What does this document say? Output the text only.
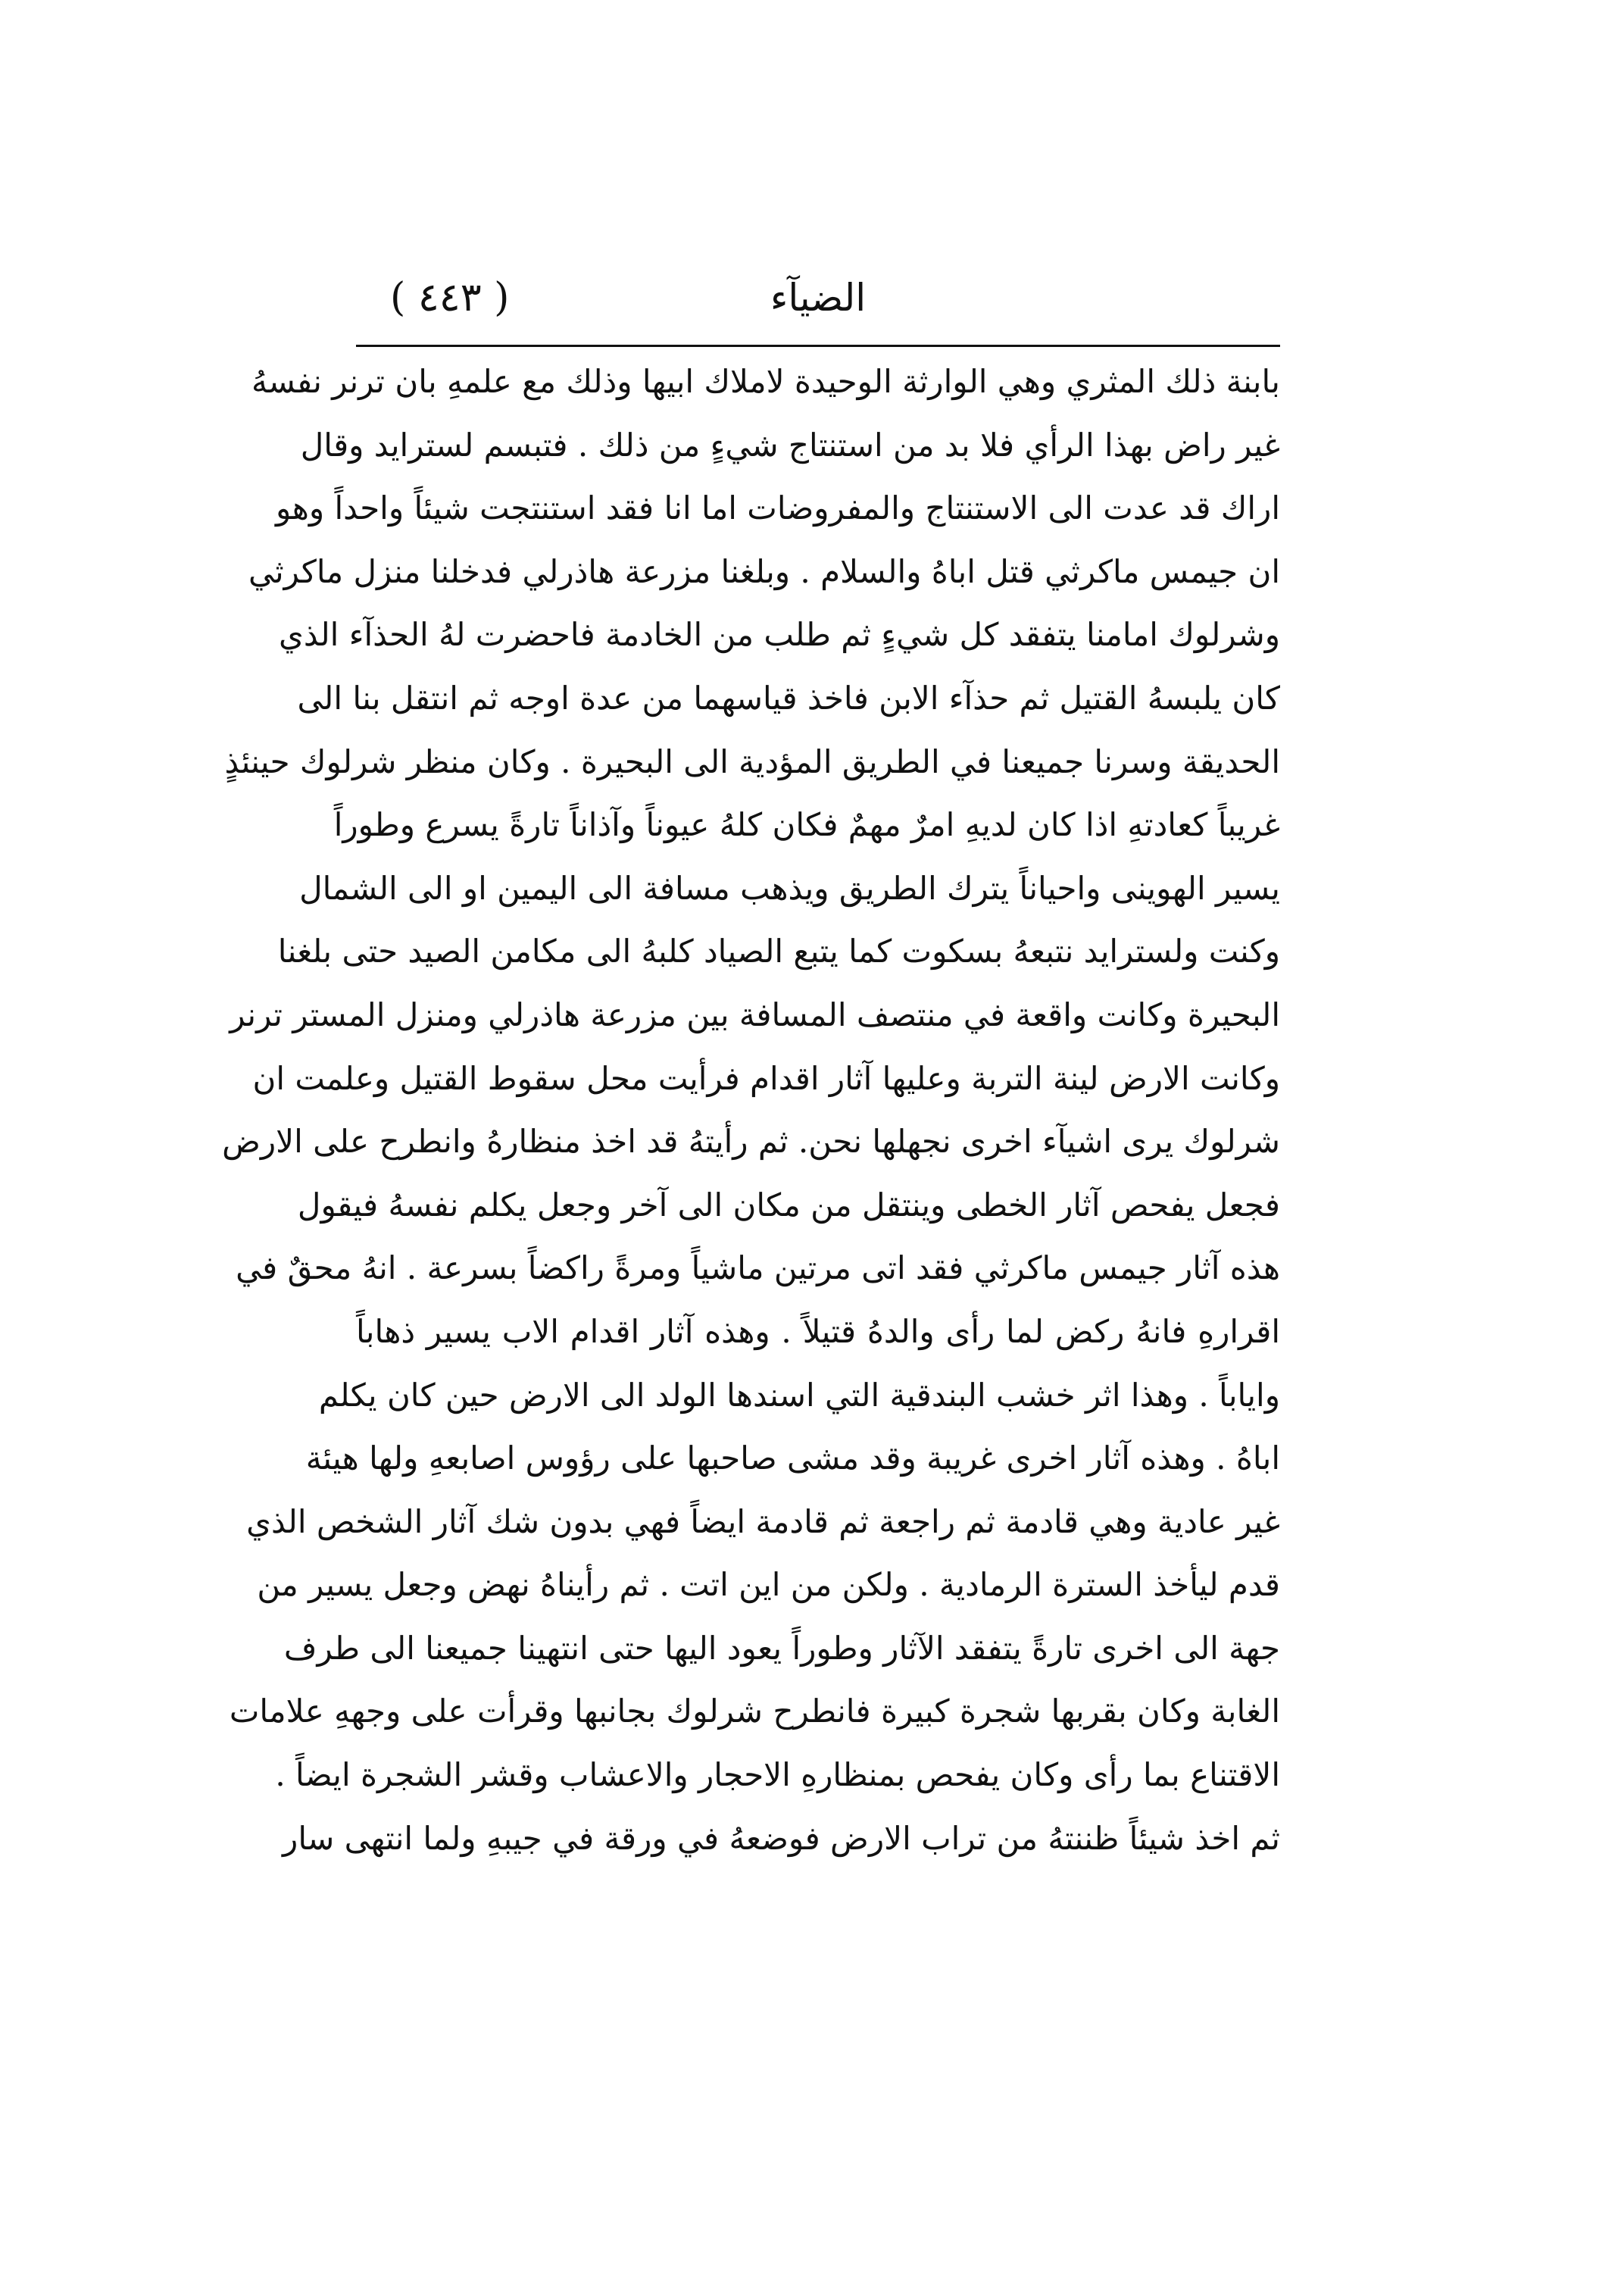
الضيآء
( ٤٤٣ )
بابنة ذلك المثري وهي الوارثة الوحيدة لاملاك ابيها وذلك مع علمهِ بان ترنر نفسهُ
غير راض بهذا الرأي فلا بد من استنتاج شيءٍ من ذلك . فتبسم لسترايد وقال
اراك قد عدت الى الاستنتاج والمفروضات اما انا فقد استنتجت شيئاً واحداً وهو
ان جيمس ماكرثي قتل اباهُ والسلام . وبلغنا مزرعة هاذرلي فدخلنا منزل ماكرثي
وشرلوك امامنا يتفقد كل شيءٍ ثم طلب من الخادمة فاحضرت لهُ الحذآء الذي
كان يلبسهُ القتيل ثم حذآء الابن فاخذ قياسهما من عدة اوجه ثم انتقل بنا الى
الحديقة وسرنا جميعنا في الطريق المؤدية الى البحيرة . وكان منظر شرلوك حينئذٍ
غريباً كعادتهِ اذا كان لديهِ امرٌ مهمٌ فكان كلهُ عيوناً وآذاناً تارةً يسرع وطوراً
يسير الهوينى واحياناً يترك الطريق ويذهب مسافة الى اليمين او الى الشمال
وكنت ولسترايد نتبعهُ بسكوت كما يتبع الصياد كلبهُ الى مكامن الصيد حتى بلغنا
البحيرة وكانت واقعة في منتصف المسافة بين مزرعة هاذرلي ومنزل المستر ترنر
وكانت الارض لينة التربة وعليها آثار اقدام فرأيت محل سقوط القتيل وعلمت ان
شرلوك يرى اشيآء اخرى نجهلها نحن. ثم رأيتهُ قد اخذ منظارهُ وانطرح على الارض
فجعل يفحص آثار الخطى وينتقل من مكان الى آخر وجعل يكلم نفسهُ فيقول
هذه آثار جيمس ماكرثي فقد اتى مرتين ماشياً ومرةً راكضاً بسرعة . انهُ محقٌ في
اقرارهِ فانهُ ركض لما رأى والدهُ قتيلاً . وهذه آثار اقدام الاب يسير ذهاباً
واياباً . وهذا اثر خشب البندقية التي اسندها الولد الى الارض حين كان يكلم
اباهُ . وهذه آثار اخرى غريبة وقد مشى صاحبها على رؤوس اصابعهِ ولها هيئة
غير عادية وهي قادمة ثم راجعة ثم قادمة ايضاً فهي بدون شك آثار الشخص الذي
قدم ليأخذ السترة الرمادية . ولكن من اين اتت . ثم رأيناهُ نهض وجعل يسير من
جهة الى اخرى تارةً يتفقد الآثار وطوراً يعود اليها حتى انتهينا جميعنا الى طرف
الغابة وكان بقربها شجرة كبيرة فانطرح شرلوك بجانبها وقرأت على وجههِ علامات
الاقتناع بما رأى وكان يفحص بمنظارهِ الاحجار والاعشاب وقشر الشجرة ايضاً .
ثم اخذ شيئاً ظننتهُ من تراب الارض فوضعهُ في ورقة في جيبهِ ولما انتهى سار
